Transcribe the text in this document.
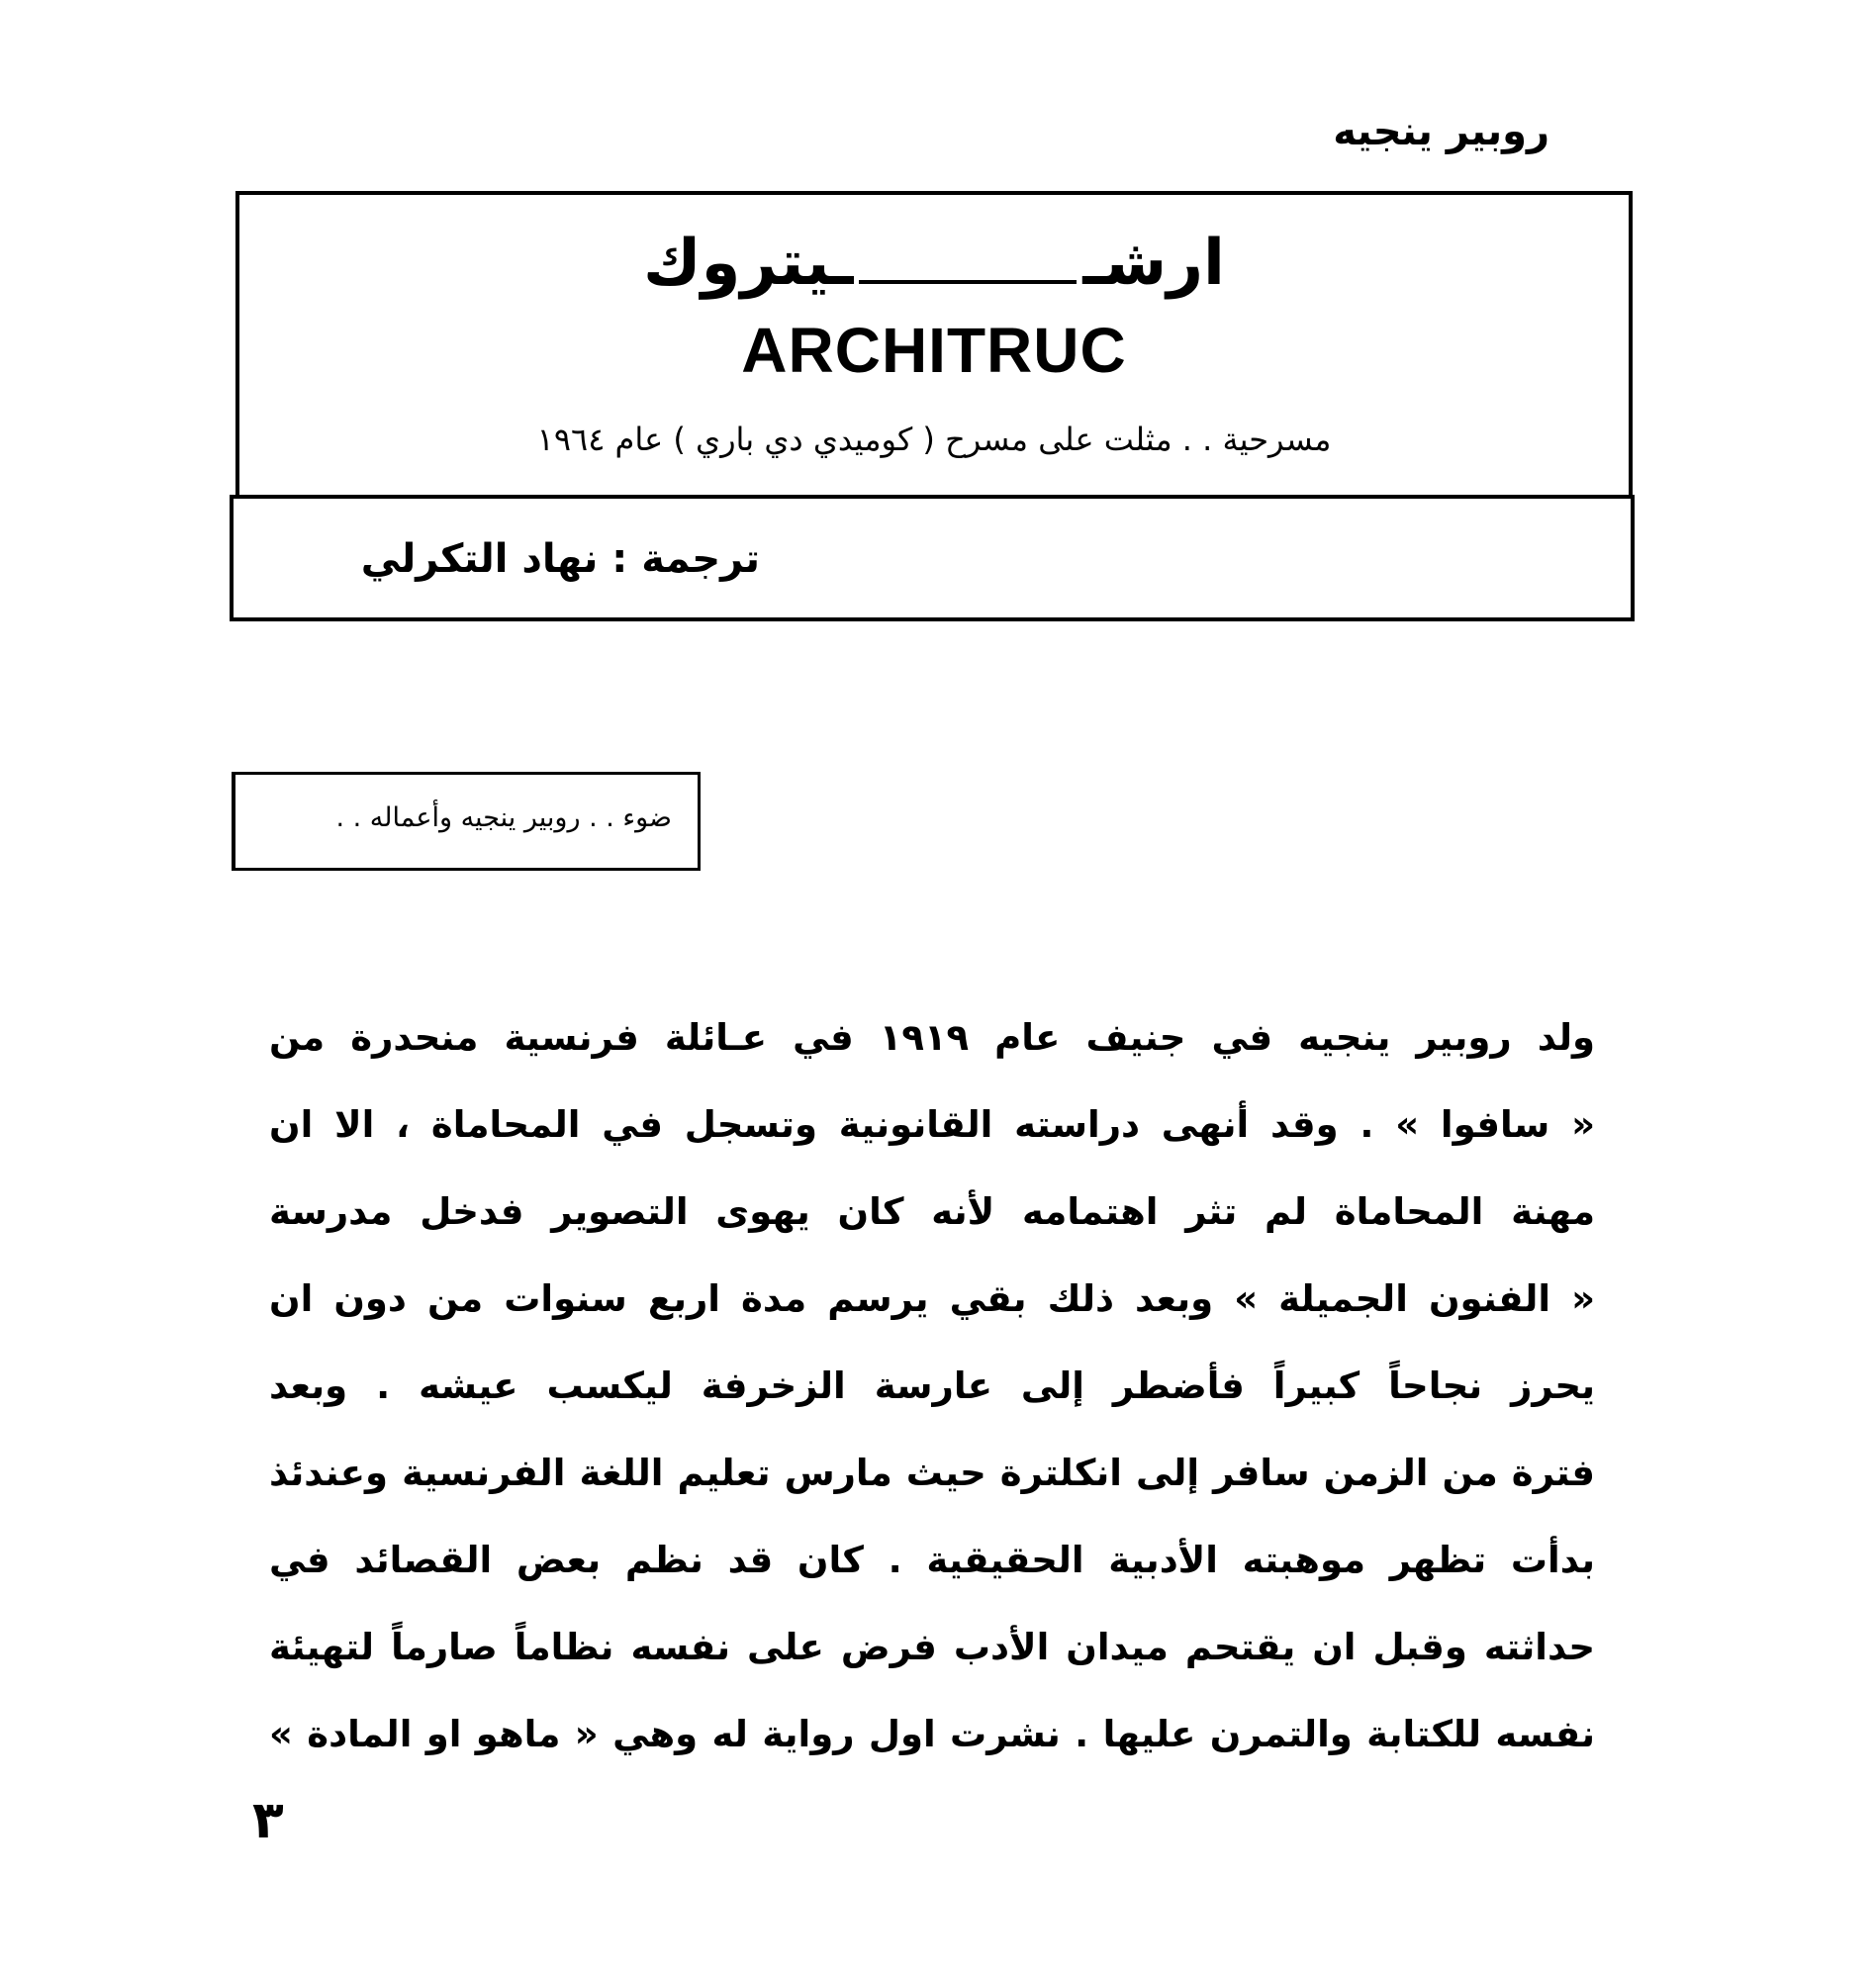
روبير ينجيه
ارشــيتروك
ARCHITRUC
مسرحية . . مثلت على مسرح ( كوميدي دي باري ) عام ١٩٦٤
ترجمة : نهاد التكرلي
ضوء . . روبير ينجيه وأعماله . .

ولد روبير ينجيه في جنيف عام ١٩١٩ في عـائلة فرنسية منحدرة من

« سافوا » . وقد أنهى دراسته القانونية وتسجل في المحاماة ، الا ان

مهنة المحاماة لم تثر اهتمامه لأنه كان يهوى التصوير فدخل مدرسة

« الفنون الجميلة » وبعد ذلك بقي يرسم مدة اربع سنوات من دون ان

يحرز نجاحاً كبيراً فأضطر إلى عارسة الزخرفة ليكسب عيشه . وبعد

فترة من الزمن سافر إلى انكلترة حيث مارس تعليم اللغة الفرنسية وعندئذ

بدأت تظهر موهبته الأدبية الحقيقية . كان قد نظم بعض القصائد في

حداثته وقبل ان يقتحم ميدان الأدب فرض على نفسه نظاماً صارماً لتهيئة

نفسه للكتابة والتمرن عليها . نشرت اول رواية له وهي « ماهو او المادة »

٣
